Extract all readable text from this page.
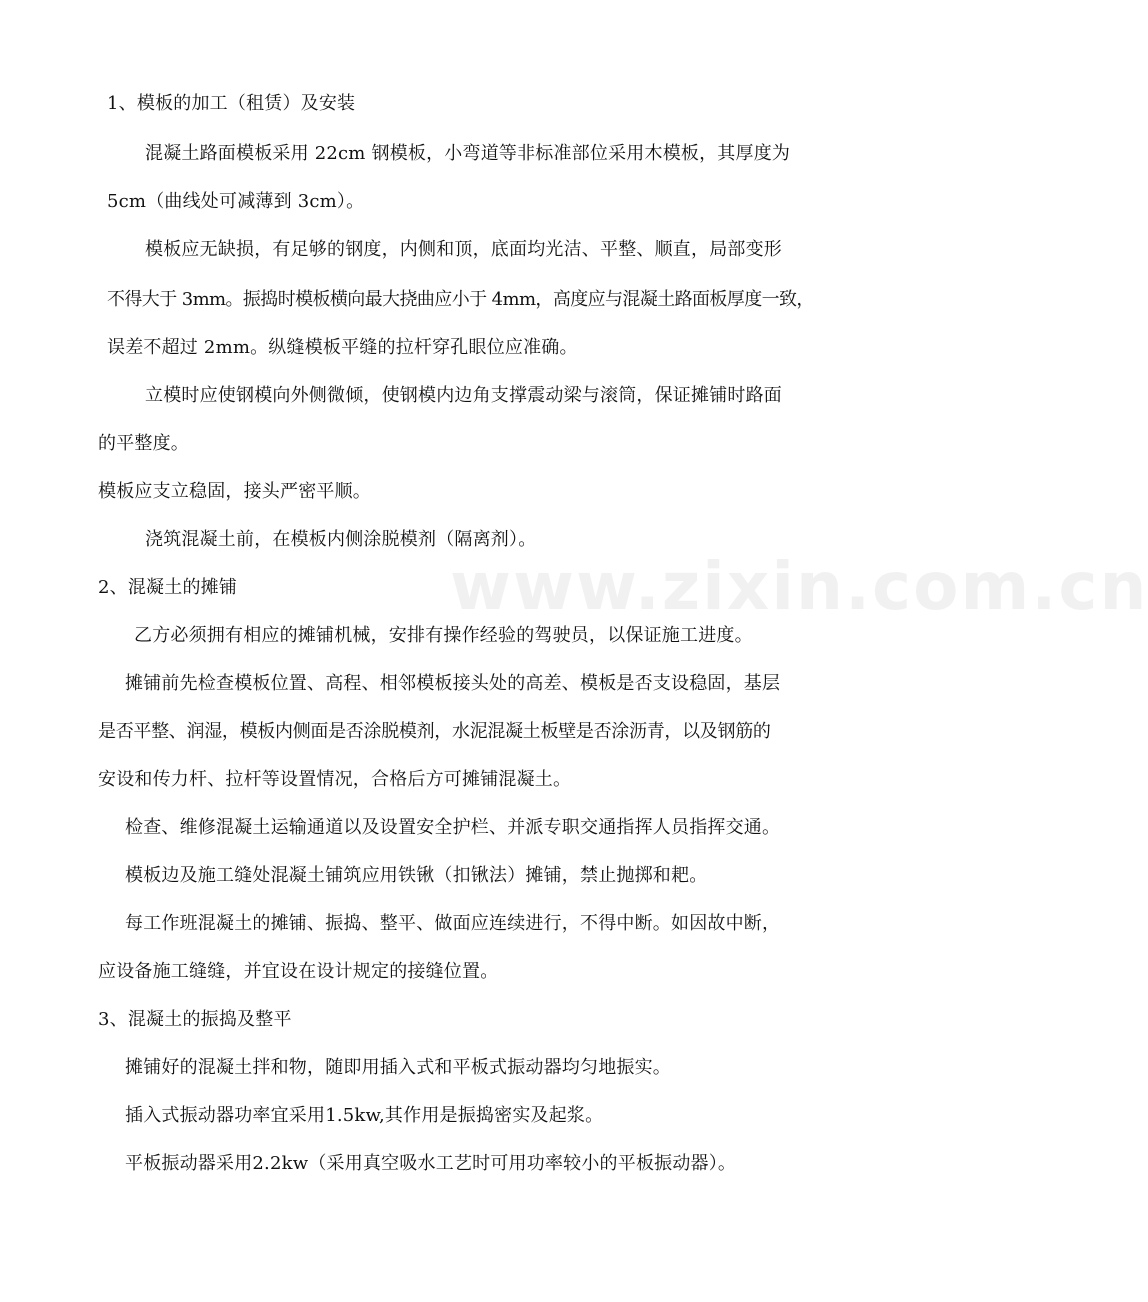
www.zixin.com.cn
1、模板的加工（租赁）及安装
混凝土路面模板采用 22cm 钢模板，小弯道等非标准部位采用木模板，其厚度为
5cm（曲线处可减薄到 3cm）。
模板应无缺损，有足够的钢度，内侧和顶，底面均光洁、平整、顺直，局部变形
不得大于 3mm。振捣时模板横向最大挠曲应小于 4mm，高度应与混凝土路面板厚度一致，
误差不超过 2mm。纵缝模板平缝的拉杆穿孔眼位应准确。
立模时应使钢模向外侧微倾，使钢模内边角支撑震动梁与滚筒，保证摊铺时路面
的平整度。
模板应支立稳固，接头严密平顺。
浇筑混凝土前，在模板内侧涂脱模剂（隔离剂）。
2、混凝土的摊铺
乙方必须拥有相应的摊铺机械，安排有操作经验的驾驶员，以保证施工进度。
摊铺前先检查模板位置、高程、相邻模板接头处的高差、模板是否支设稳固，基层
是否平整、润湿，模板内侧面是否涂脱模剂，水泥混凝土板壁是否涂沥青，以及钢筋的
安设和传力杆、拉杆等设置情况，合格后方可摊铺混凝土。
检查、维修混凝土运输通道以及设置安全护栏、并派专职交通指挥人员指挥交通。
模板边及施工缝处混凝土铺筑应用铁锹（扣锹法）摊铺，禁止抛掷和耙。
每工作班混凝土的摊铺、振捣、整平、做面应连续进行，不得中断。如因故中断，
应设备施工缝缝，并宜设在设计规定的接缝位置。
3、混凝土的振捣及整平
摊铺好的混凝土拌和物，随即用插入式和平板式振动器均匀地振实。
插入式振动器功率宜采用1.5kw,其作用是振捣密实及起浆。
平板振动器采用2.2kw（采用真空吸水工艺时可用功率较小的平板振动器）。
